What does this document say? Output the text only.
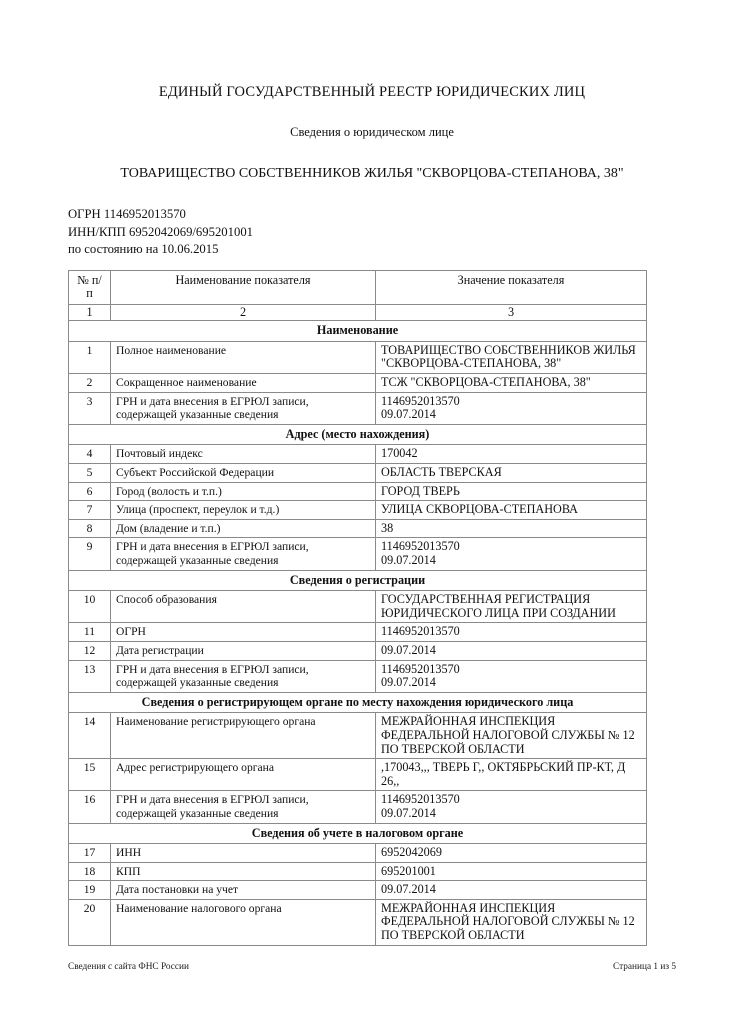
ЕДИНЫЙ ГОСУДАРСТВЕННЫЙ РЕЕСТР ЮРИДИЧЕСКИХ ЛИЦ

Сведения о юридическом лице

ТОВАРИЩЕСТВО СОБСТВЕННИКОВ ЖИЛЬЯ "СКВОРЦОВА-СТЕПАНОВА, 38"

ОГРН 1146952013570
ИНН/КПП 6952042069/695201001
по состоянию на 10.06.2015
№ п/п	Наименование показателя	Значение показателя
1	2	3
Наименование		
1	Полное наименование	ТОВАРИЩЕСТВО СОБСТВЕННИКОВ ЖИЛЬЯ "СКВОРЦОВА-СТЕПАНОВА, 38"
2	Сокращенное наименование	ТСЖ "СКВОРЦОВА-СТЕПАНОВА, 38"
3	ГРН и дата внесения в ЕГРЮЛ записи, содержащей указанные сведения	1146952013570
09.07.2014
Адрес (место нахождения)		
4	Почтовый индекс	170042
5	Субъект Российской Федерации	ОБЛАСТЬ ТВЕРСКАЯ
6	Город (волость и т.п.)	ГОРОД ТВЕРЬ
7	Улица (проспект, переулок и т.д.)	УЛИЦА СКВОРЦОВА-СТЕПАНОВА
8	Дом (владение и т.п.)	38
9	ГРН и дата внесения в ЕГРЮЛ записи, содержащей указанные сведения	1146952013570
09.07.2014
Сведения о регистрации		
10	Способ образования	ГОСУДАРСТВЕННАЯ РЕГИСТРАЦИЯ ЮРИДИЧЕСКОГО ЛИЦА ПРИ СОЗДАНИИ
11	ОГРН	1146952013570
12	Дата регистрации	09.07.2014
13	ГРН и дата внесения в ЕГРЮЛ записи, содержащей указанные сведения	1146952013570
09.07.2014
Сведения о регистрирующем органе по месту нахождения юридического лица		
14	Наименование регистрирующего органа	МЕЖРАЙОННАЯ ИНСПЕКЦИЯ ФЕДЕРАЛЬНОЙ НАЛОГОВОЙ СЛУЖБЫ № 12 ПО ТВЕРСКОЙ ОБЛАСТИ
15	Адрес регистрирующего органа	,170043,,, ТВЕРЬ Г,, ОКТЯБРЬСКИЙ ПР-КТ, Д 26,,
16	ГРН и дата внесения в ЕГРЮЛ записи, содержащей указанные сведения	1146952013570
09.07.2014
Сведения об учете в налоговом органе		
17	ИНН	6952042069
18	КПП	695201001
19	Дата постановки на учет	09.07.2014
20	Наименование налогового органа	МЕЖРАЙОННАЯ ИНСПЕКЦИЯ ФЕДЕРАЛЬНОЙ НАЛОГОВОЙ СЛУЖБЫ № 12 ПО ТВЕРСКОЙ ОБЛАСТИ
Сведения с сайта ФНС России	Страница 1 из 5
